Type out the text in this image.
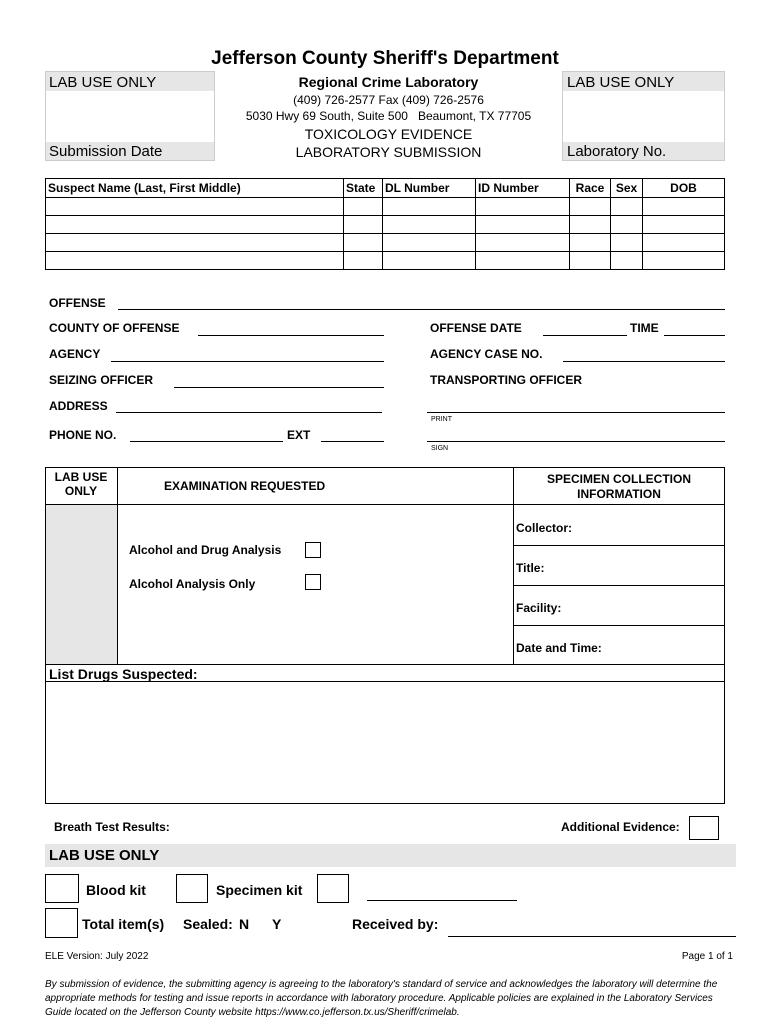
Jefferson County Sheriff's Department
LAB USE ONLY
Submission Date
Regional Crime Laboratory
(409) 726-2577 Fax (409) 726-2576
5030 Hwy 69 South, Suite 500   Beaumont, TX 77705
TOXICOLOGY EVIDENCE
LABORATORY SUBMISSION
LAB USE ONLY
Laboratory No.
Suspect Name (Last, First Middle)	State	DL Number	ID Number	Race	Sex	DOB

OFFENSE
COUNTY OF OFFENSE	OFFENSE DATE	TIME
AGENCY	AGENCY CASE NO.
SEIZING OFFICER	TRANSPORTING OFFICER
ADDRESS
PRINT
PHONE NO.	EXT
SIGN
LAB USE ONLY	EXAMINATION REQUESTED	SPECIMEN COLLECTION INFORMATION
Alcohol and Drug Analysis
Alcohol Analysis Only
Collector:
Title:
Facility:
Date and Time:
List Drugs Suspected:
Breath Test Results:	Additional Evidence:
LAB USE ONLY
Blood kit	Specimen kit
Total item(s) Sealed: N Y	Received by:
ELE Version: July 2022	Page 1 of 1
By submission of evidence, the submitting agency is agreeing to the laboratory's standard of service and acknowledges the laboratory will determine the appropriate methods for testing and issue reports in accordance with laboratory procedure. Applicable policies are explained in the Laboratory Services Guide located on the Jefferson County website https://www.co.jefferson.tx.us/Sheriff/crimelab.
